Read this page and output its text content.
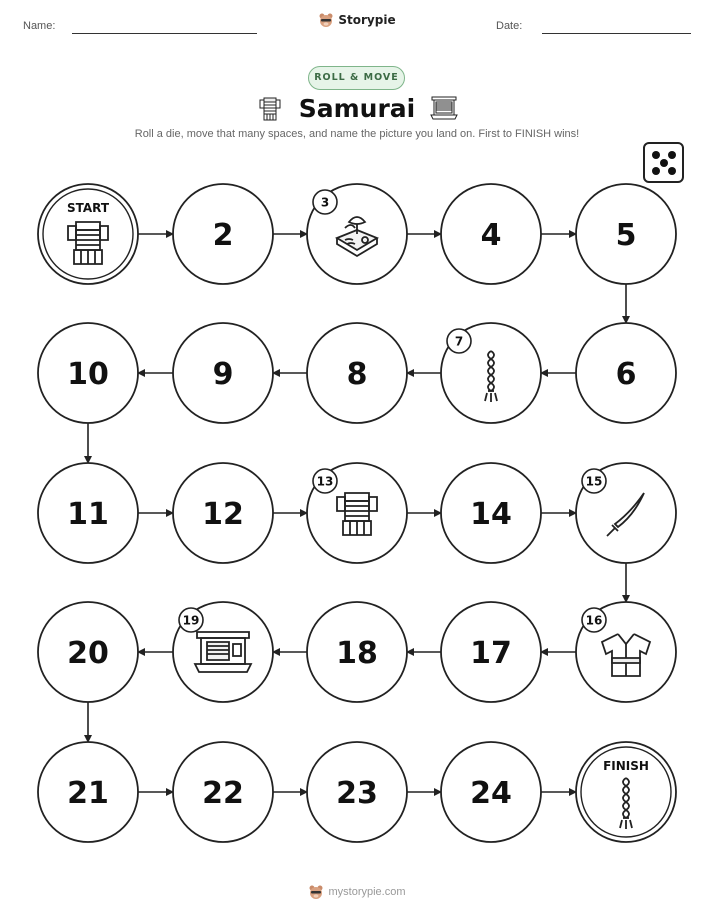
Name:	Storypie	Date:
ROLL & MOVE
Samurai
Roll a die, move that many spaces, and name the picture you land on. First to FINISH wins!
START
2
3
4	5
6
7
8
9
10
11	12
13
14
15
16
17
18
19
20
21	22	23	24
FINISH
mystorypie.com
